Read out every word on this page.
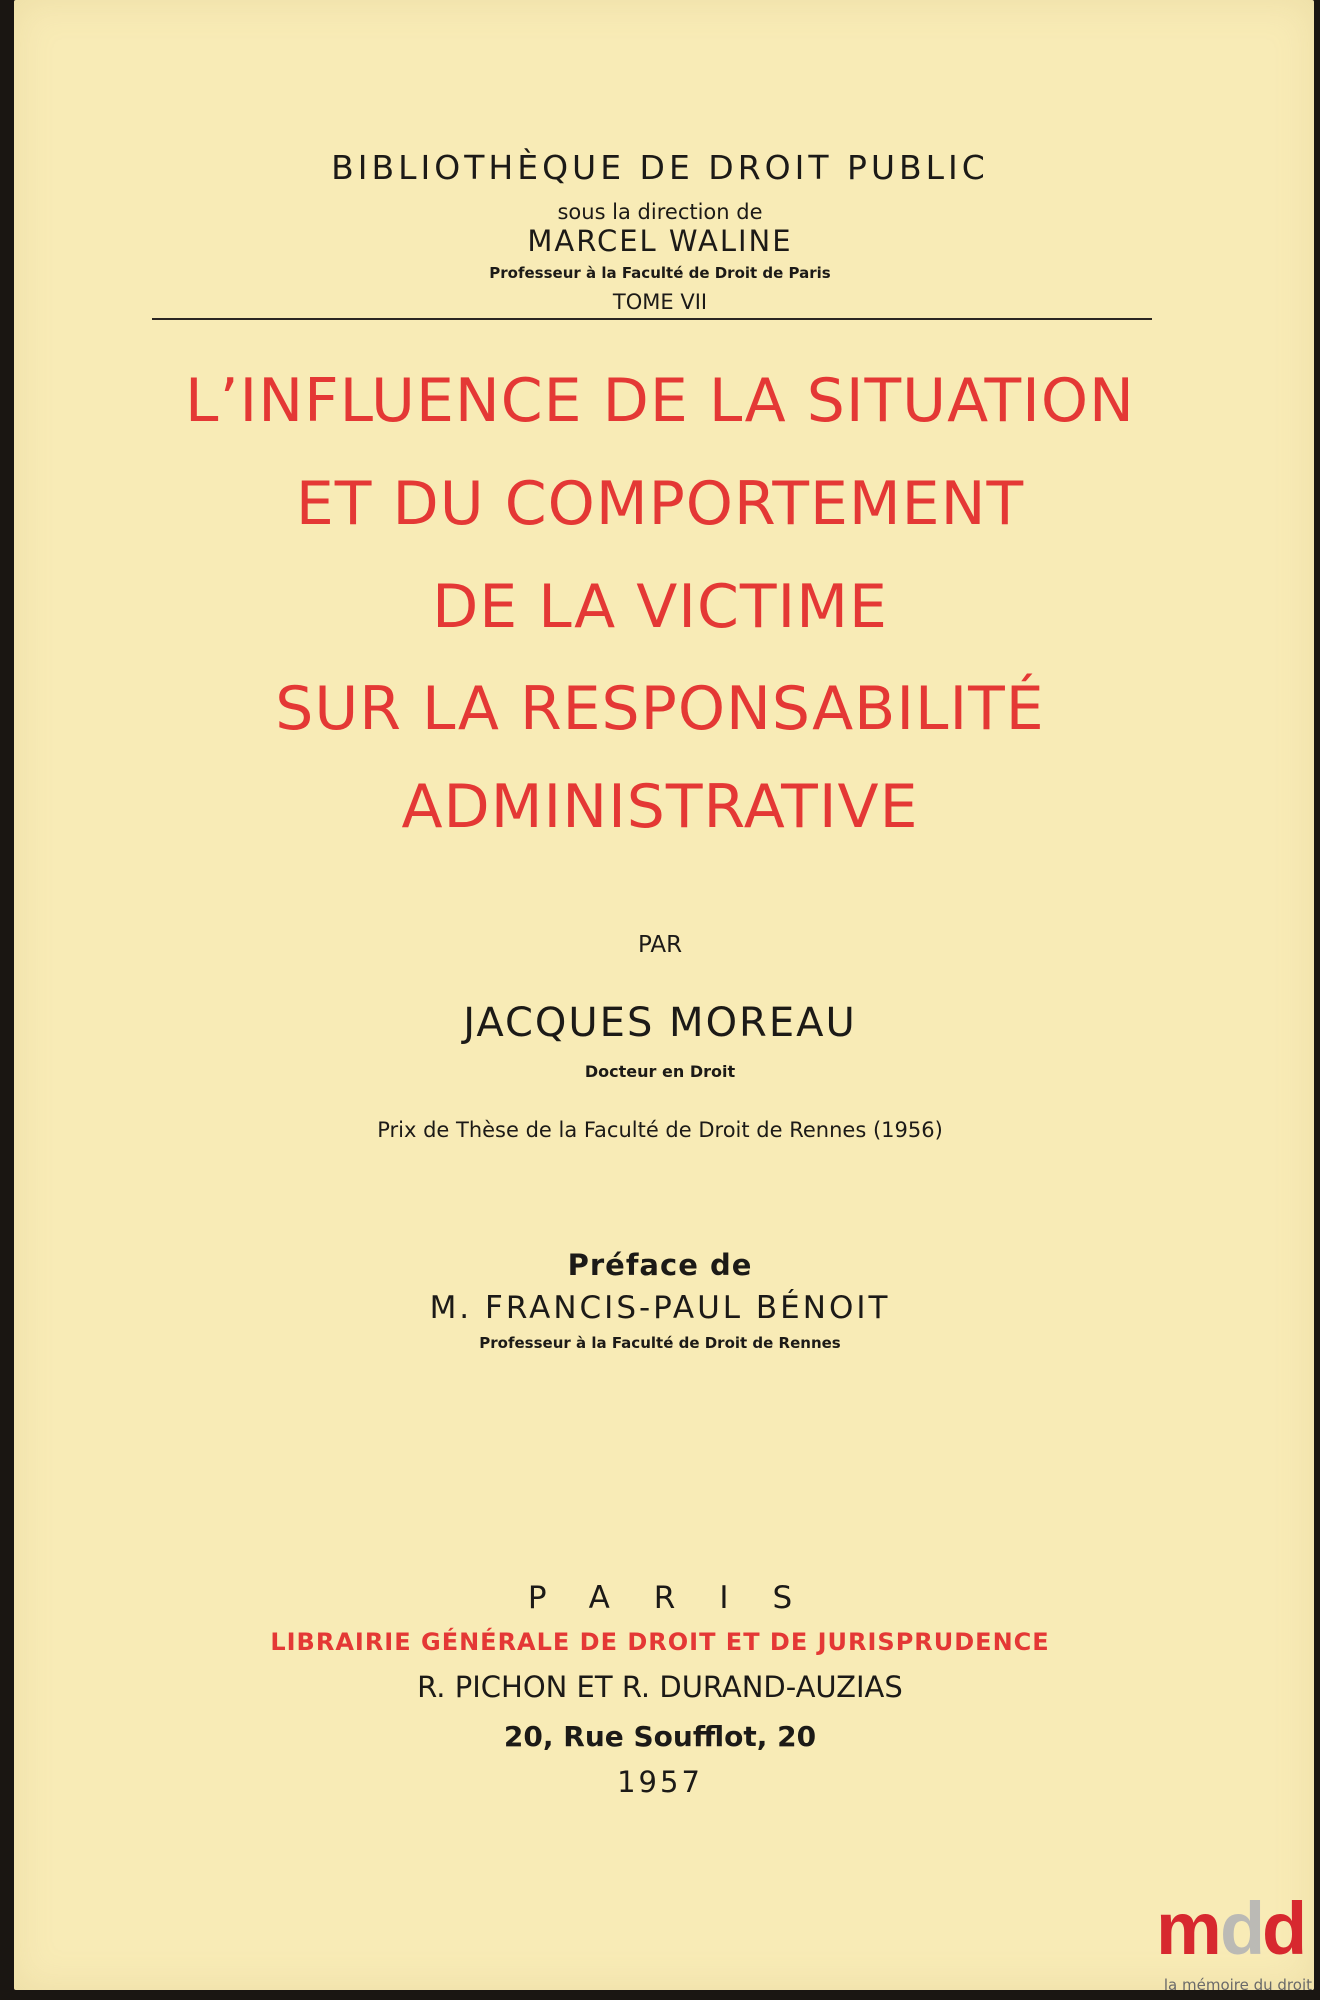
BIBLIOTHÈQUE DE DROIT PUBLIC
sous la direction de
MARCEL WALINE
Professeur à la Faculté de Droit de Paris
TOME VII
L’INFLUENCE DE LA SITUATION
ET DU COMPORTEMENT
DE LA VICTIME
SUR LA RESPONSABILITÉ
ADMINISTRATIVE
PAR
JACQUES MOREAU
Docteur en Droit
Prix de Thèse de la Faculté de Droit de Rennes (1956)
Préface de
M. FRANCIS-PAUL BÉNOIT
Professeur à la Faculté de Droit de Rennes
PARIS
LIBRAIRIE GÉNÉRALE DE DROIT ET DE JURISPRUDENCE
R. PICHON ET R. DURAND-AUZIAS
20, Rue Soufflot, 20
1957
m
d
d
la mémoire du droit
